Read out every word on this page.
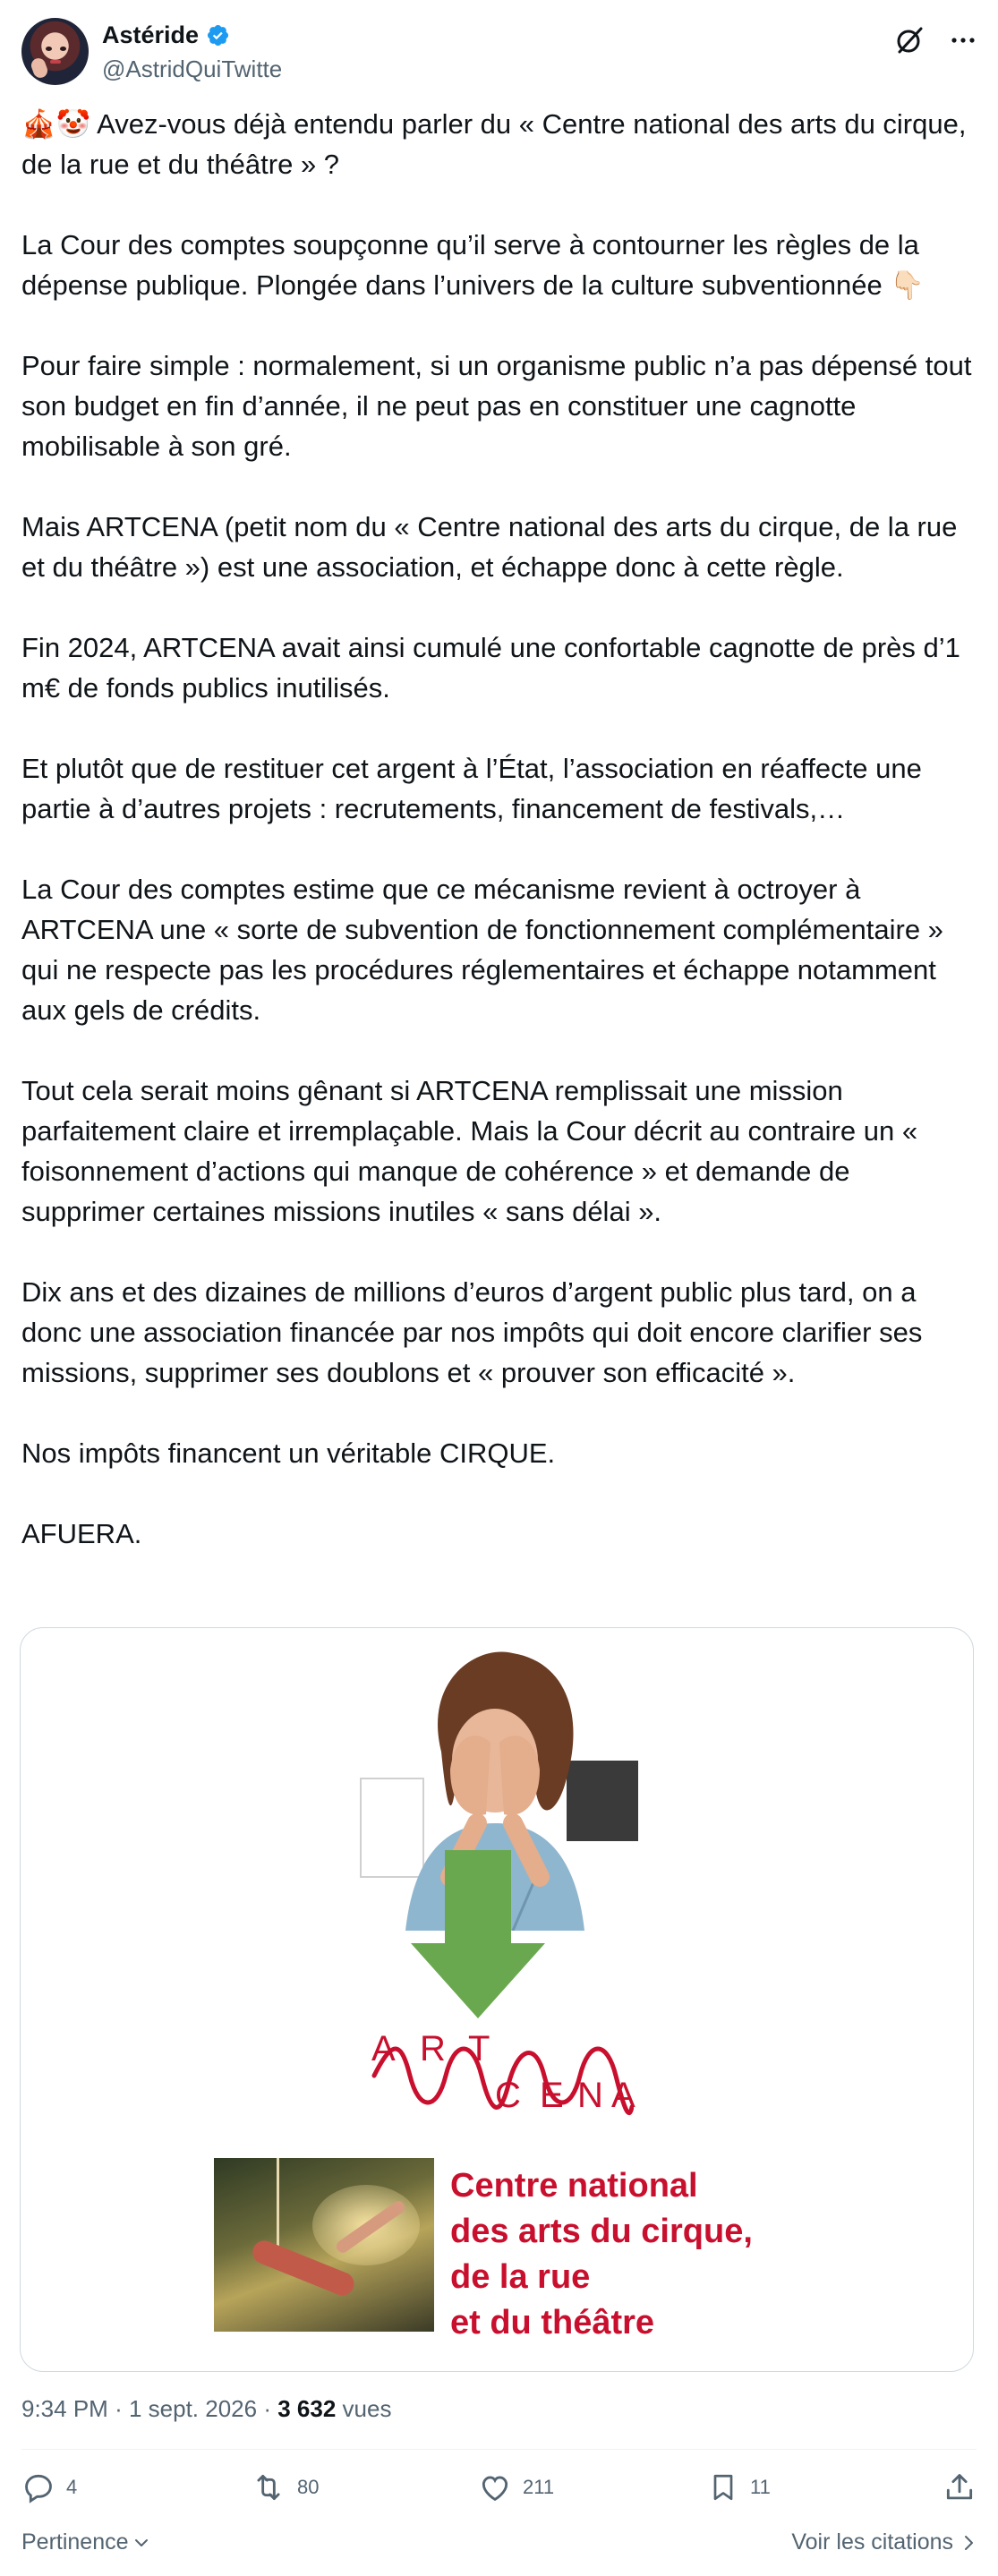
Astéride
@AstridQuiTwitte
🎪🤡 Avez-vous déjà entendu parler du « Centre national des arts du cirque, de la rue et du théâtre » ?

La Cour des comptes soupçonne qu’il serve à contourner les règles de la dépense publique. Plongée dans l’univers de la culture subventionnée 👇🏻

Pour faire simple : normalement, si un organisme public n’a pas dépensé tout son budget en fin d’année, il ne peut pas en constituer une cagnotte mobilisable à son gré.

Mais ARTCENA (petit nom du « Centre national des arts du cirque, de la rue et du théâtre ») est une association, et échappe donc à cette règle.

Fin 2024, ARTCENA avait ainsi cumulé une confortable cagnotte de près d’1 m€ de fonds publics inutilisés.

Et plutôt que de restituer cet argent à l’État, l’association en réaffecte une partie à d’autres projets : recrutements, financement de festivals,…

La Cour des comptes estime que ce mécanisme revient à octroyer à ARTCENA une « sorte de subvention de fonctionnement complémentaire » qui ne respecte pas les procédures réglementaires et échappe notamment aux gels de crédits.

Tout cela serait moins gênant si ARTCENA remplissait une mission parfaitement claire et irremplaçable. Mais la Cour décrit au contraire un « foisonnement d’actions qui manque de cohérence » et demande de supprimer certaines missions inutiles « sans délai ».

Dix ans et des dizaines de millions d’euros d’argent public plus tard, on a donc une association financée par nos impôts qui doit encore clarifier ses missions, supprimer ses doublons et « prouver son efficacité ».

Nos impôts financent un véritable CIRQUE.

AFUERA.
A R T
C E N A
Centre national
des arts du cirque,
de la rue
et du théâtre
9:34 PM · 1 sept. 2026 · 3 632 vues
4	80	211	11
Pertinence	Voir les citations
